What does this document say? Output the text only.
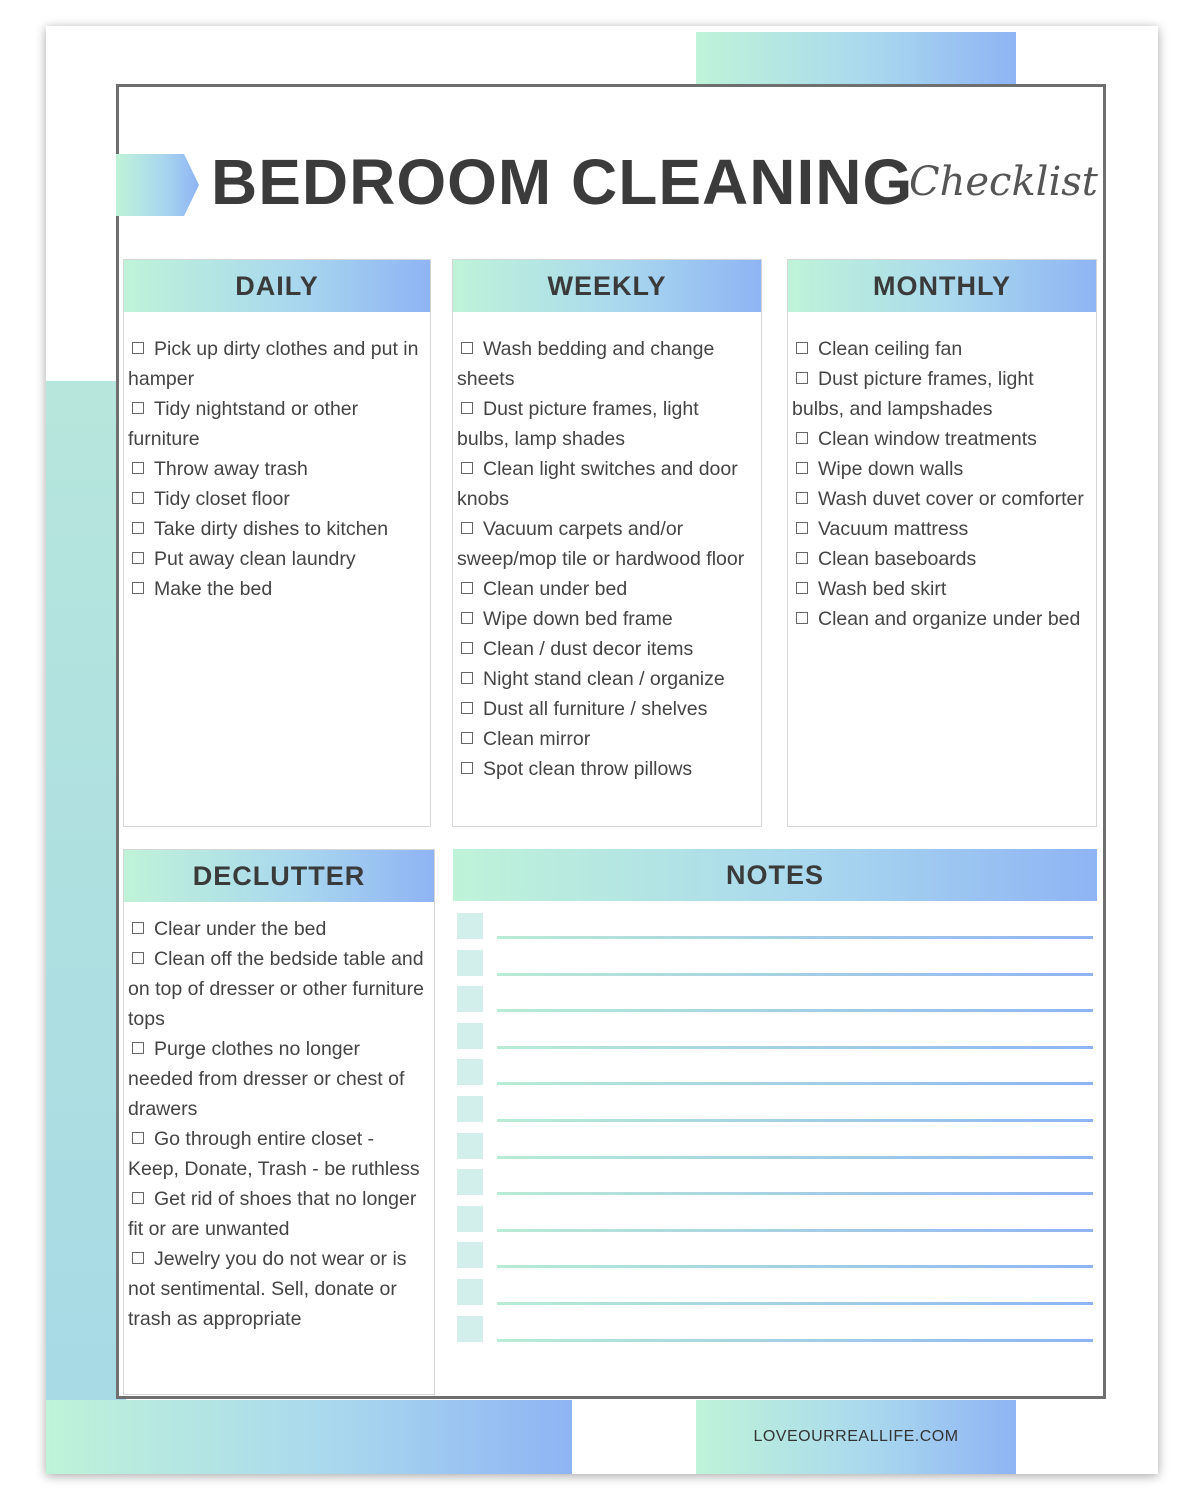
LOVEOURREALLIFE.COM
BEDROOM CLEANING
Checklist
DAILY
Pick up dirty clothes and put in hamper
Tidy nightstand or other furniture
Throw away trash
Tidy closet floor
Take dirty dishes to kitchen
Put away clean laundry
Make the bed
WEEKLY
Wash bedding and change sheets
Dust picture frames, light bulbs, lamp shades
Clean light switches and door knobs
Vacuum carpets and/or sweep/mop tile or hardwood floor
Clean under bed
Wipe down bed frame
Clean / dust decor items
Night stand clean / organize
Dust all furniture / shelves
Clean mirror
Spot clean throw pillows
MONTHLY
Clean ceiling fan
Dust picture frames, light bulbs, and lampshades
Clean window treatments
Wipe down walls
Wash duvet cover or comforter
Vacuum mattress
Clean baseboards
Wash bed skirt
Clean and organize under bed
DECLUTTER
Clear under the bed
Clean off the bedside table and on top of dresser or other furniture tops
Purge clothes no longer needed from dresser or chest of drawers
Go through entire closet - Keep, Donate, Trash - be ruthless
Get rid of shoes that no longer fit or are unwanted
Jewelry you do not wear or is not sentimental. Sell, donate or trash as appropriate
NOTES
